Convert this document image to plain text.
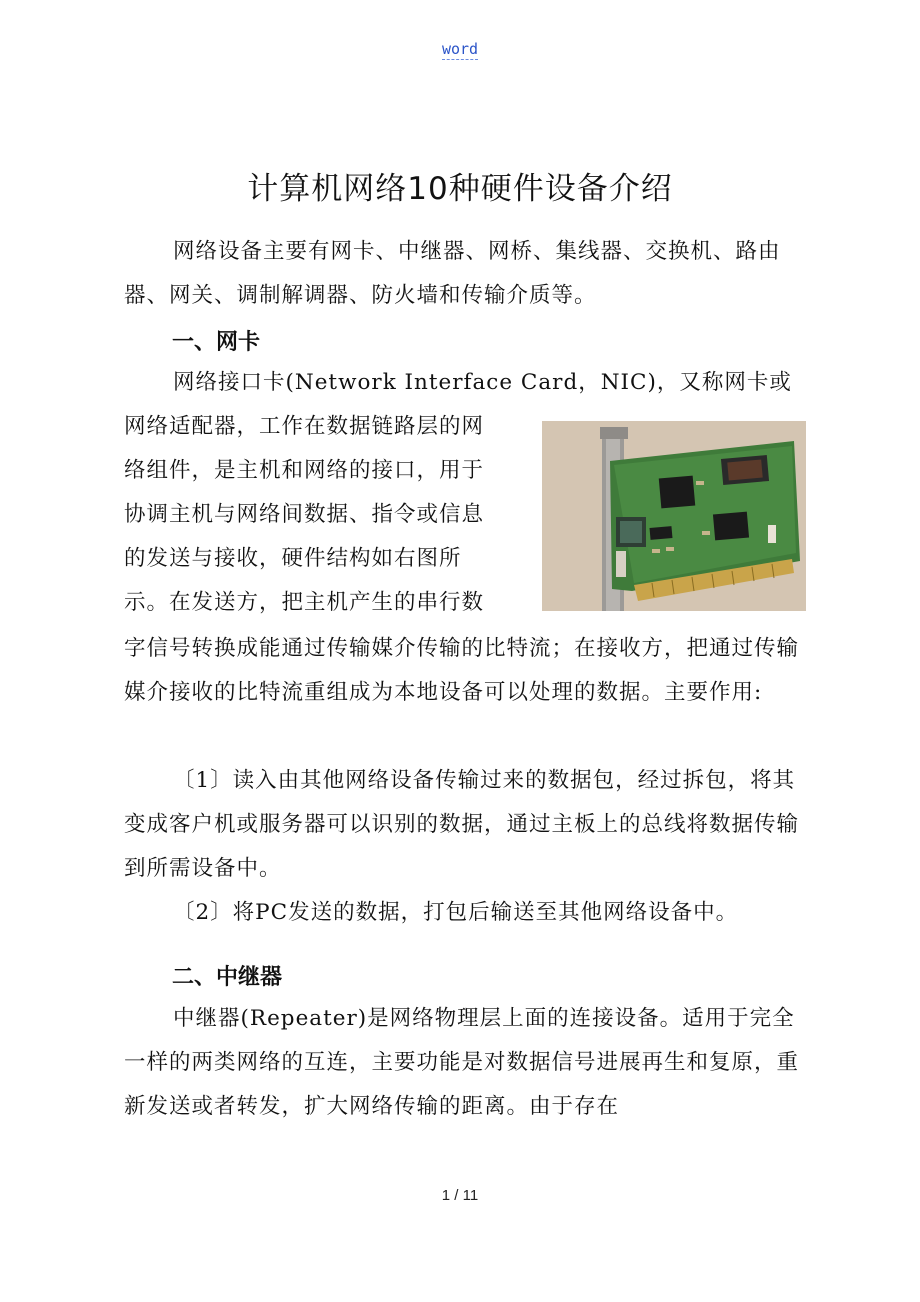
word
计算机网络10种硬件设备介绍

网络设备主要有网卡、中继器、网桥、集线器、交换机、路由器、网关、调制解调器、防火墙和传输介质等。

一、网卡
网络接口卡(Network Interface Card，NIC)，又称网卡或
网络适配器，工作在数据链路层的网
络组件，是主机和网络的接口，用于
协调主机与网络间数据、指令或信息
的发送与接收，硬件结构如右图所
示。在发送方，把主机产生的串行数

字信号转换成能通过传输媒介传输的比特流；在接收方，把通过传输媒介接收的比特流重组成为本地设备可以处理的数据。主要作用:

〔1〕读入由其他网络设备传输过来的数据包，经过拆包，将其变成客户机或服务器可以识别的数据，通过主板上的总线将数据传输到所需设备中。

〔2〕将PC发送的数据，打包后输送至其他网络设备中。

二、中继器

中继器(Repeater)是网络物理层上面的连接设备。适用于完全一样的两类网络的互连，主要功能是对数据信号进展再生和复原，重新发送或者转发，扩大网络传输的距离。由于存在

1 / 11
